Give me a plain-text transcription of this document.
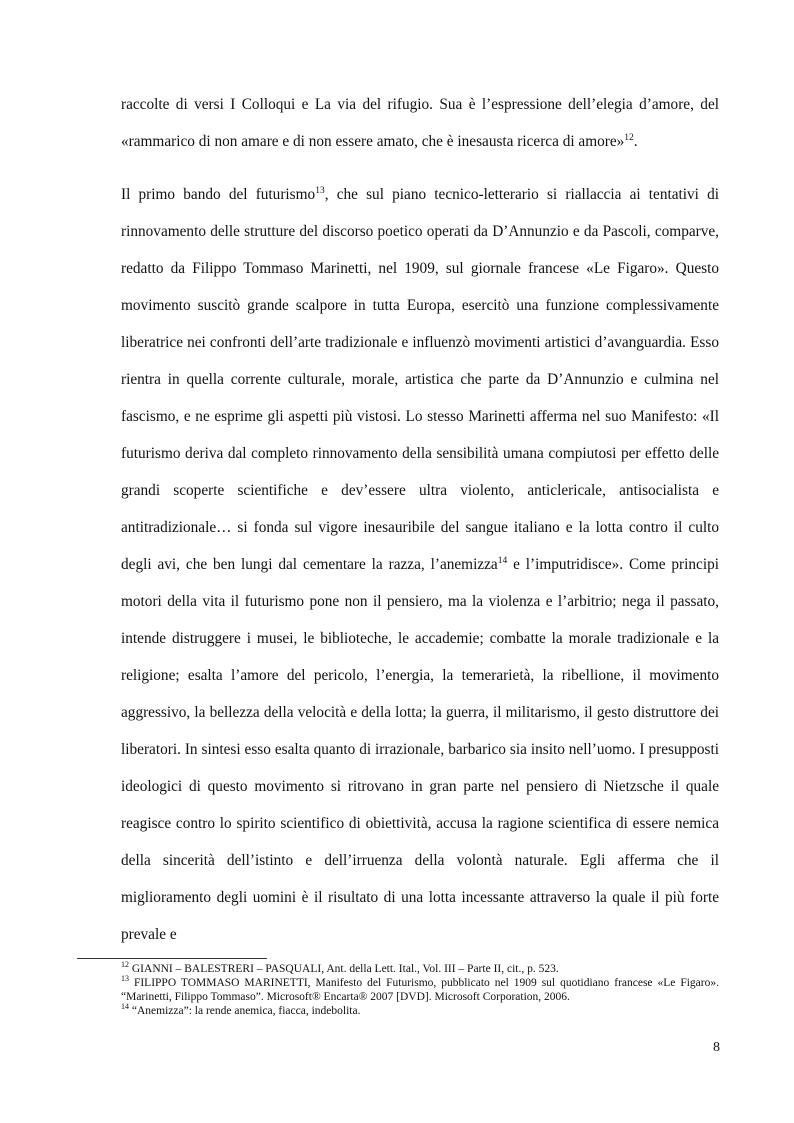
raccolte di versi I Colloqui e La via del rifugio. Sua è l’espressione dell’elegia d’amore, del «rammarico di non amare e di non essere amato, che è inesausta ricerca di amore»$^{12}$.

Il primo bando del futurismo$^{13}$, che sul piano tecnico-letterario si riallaccia ai tentativi di rinnovamento delle strutture del discorso poetico operati da D’Annunzio e da Pascoli, comparve, redatto da Filippo Tommaso Marinetti, nel 1909, sul giornale francese «Le Figaro». Questo movimento suscitò grande scalpore in tutta Europa, esercitò una funzione complessivamente liberatrice nei confronti dell’arte tradizionale e influenzò movimenti artistici d’avanguardia. Esso rientra in quella corrente culturale, morale, artistica che parte da D’Annunzio e culmina nel fascismo, e ne esprime gli aspetti più vistosi. Lo stesso Marinetti afferma nel suo Manifesto: «Il futurismo deriva dal completo rinnovamento della sensibilità umana compiutosi per effetto delle grandi scoperte scientifiche e dev’essere ultra violento, anticlericale, antisocialista e antitradizionale… si fonda sul vigore inesauribile del sangue italiano e la lotta contro il culto degli avi, che ben lungi dal cementare la razza, l’anemizza$^{14}$ e l’imputridisce». Come principi motori della vita il futurismo pone non il pensiero, ma la violenza e l’arbitrio; nega il passato, intende distruggere i musei, le biblioteche, le accademie; combatte la morale tradizionale e la religione; esalta l’amore del pericolo, l’energia, la temerarietà, la ribellione, il movimento aggressivo, la bellezza della velocità e della lotta; la guerra, il militarismo, il gesto distruttore dei liberatori. In sintesi esso esalta quanto di irrazionale, barbarico sia insito nell’uomo. I presupposti ideologici di questo movimento si ritrovano in gran parte nel pensiero di Nietzsche il quale reagisce contro lo spirito scientifico di obiettività, accusa la ragione scientifica di essere nemica della sincerità dell’istinto e dell’irruenza della volontà naturale. Egli afferma che il miglioramento degli uomini è il risultato di una lotta incessante attraverso la quale il più forte prevale e

$^{12}$ GIANNI – BALESTRERI – PASQUALI, Ant. della Lett. Ital., Vol. III – Parte II, cit., p. 523.

$^{13}$ FILIPPO TOMMASO MARINETTI, Manifesto del Futurismo, pubblicato nel 1909 sul quotidiano francese «Le Figaro». “Marinetti, Filippo Tommaso”. Microsoft® Encarta® 2007 [DVD]. Microsoft Corporation, 2006.

$^{14}$ “Anemizza”: la rende anemica, fiacca, indebolita.

8
